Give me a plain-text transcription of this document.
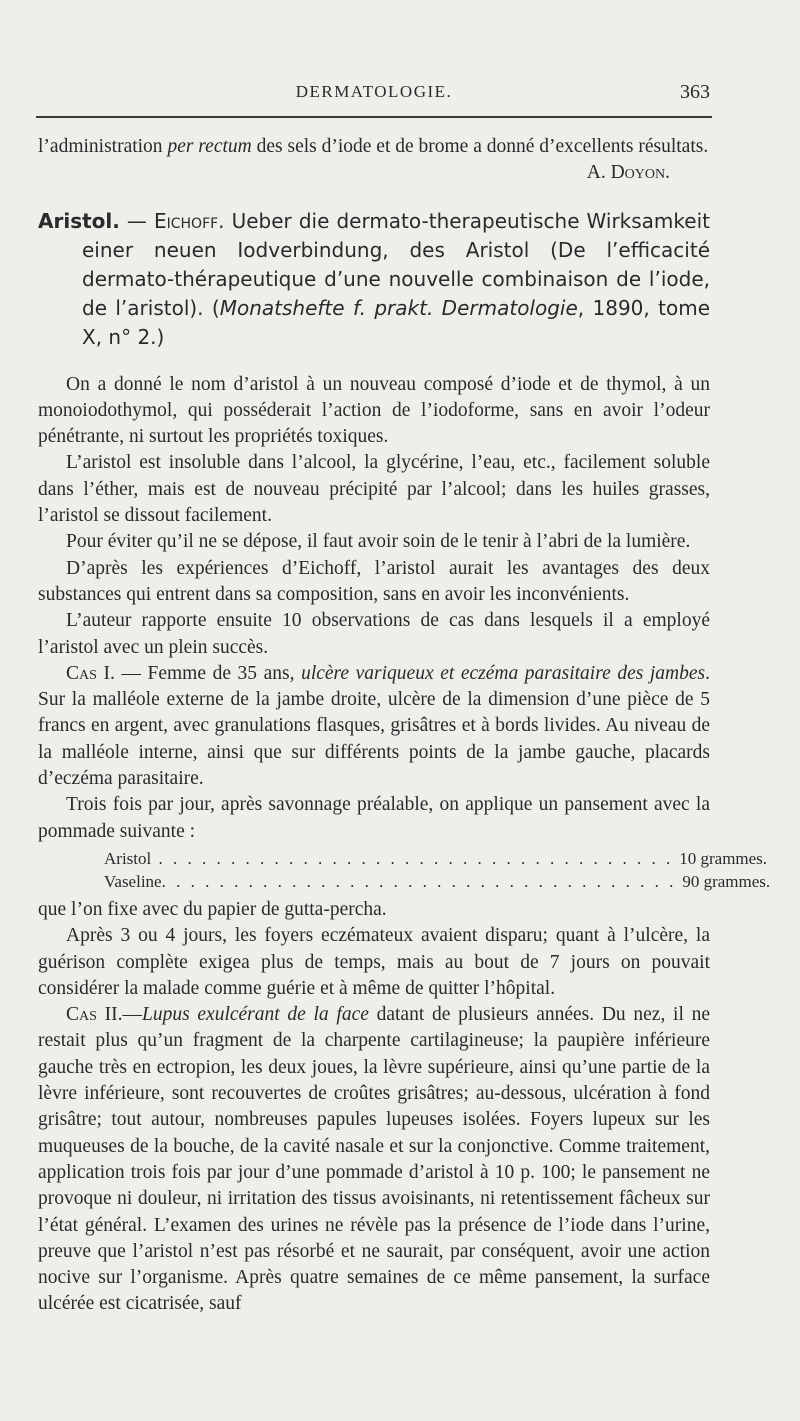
DERMATOLOGIE.	363

l’administration per rectum des sels d’iode et de brome a donné d’excellents résultats.

A. Doyon.
Aristol. — Eichoff. Ueber die dermato-therapeutische Wirksamkeit einer neuen Iodverbindung, des Aristol (De l’efficacité dermato-thérapeutique d’une nouvelle combinaison de l’iode, de l’aristol). (Monatshefte f. prakt. Dermatologie, 1890, tome X, n° 2.)

On a donné le nom d’aristol à un nouveau composé d’iode et de thymol, à un monoiodothymol, qui posséderait l’action de l’iodoforme, sans en avoir l’odeur pénétrante, ni surtout les propriétés toxiques.

L’aristol est insoluble dans l’alcool, la glycérine, l’eau, etc., facilement soluble dans l’éther, mais est de nouveau précipité par l’alcool; dans les huiles grasses, l’aristol se dissout facilement.

Pour éviter qu’il ne se dépose, il faut avoir soin de le tenir à l’abri de la lumière.

D’après les expériences d’Eichoff, l’aristol aurait les avantages des deux substances qui entrent dans sa composition, sans en avoir les inconvénients.

L’auteur rapporte ensuite 10 observations de cas dans lesquels il a employé l’aristol avec un plein succès.

Cas I. — Femme de 35 ans, ulcère variqueux et eczéma parasitaire des jambes. Sur la malléole externe de la jambe droite, ulcère de la dimension d’une pièce de 5 francs en argent, avec granulations flasques, grisâtres et à bords livides. Au niveau de la malléole interne, ainsi que sur différents points de la jambe gauche, placards d’eczéma parasitaire.

Trois fois par jour, après savonnage préalable, on applique un pansement avec la pommade suivante :

Aristol . . . . . . . . . . . . . . . . . . . . . . . . . . . . . . . . . . . . 10 grammes.
Vaseline . . . . . . . . . . . . . . . . . . . . . . . . . . . . . . . . . . . . 90 grammes.

que l’on fixe avec du papier de gutta-percha.

Après 3 ou 4 jours, les foyers eczémateux avaient disparu; quant à l’ulcère, la guérison complète exigea plus de temps, mais au bout de 7 jours on pouvait considérer la malade comme guérie et à même de quitter l’hôpital.

Cas II.—Lupus exulcérant de la face datant de plusieurs années. Du nez, il ne restait plus qu’un fragment de la charpente cartilagineuse; la paupière inférieure gauche très en ectropion, les deux joues, la lèvre supérieure, ainsi qu’une partie de la lèvre inférieure, sont recouvertes de croûtes grisâtres; au-dessous, ulcération à fond grisâtre; tout autour, nombreuses papules lupeuses isolées. Foyers lupeux sur les muqueuses de la bouche, de la cavité nasale et sur la conjonctive. Comme traitement, application trois fois par jour d’une pommade d’aristol à 10 p. 100; le pansement ne provoque ni douleur, ni irritation des tissus avoisinants, ni retentissement fâcheux sur l’état général. L’examen des urines ne révèle pas la présence de l’iode dans l’urine, preuve que l’aristol n’est pas résorbé et ne saurait, par conséquent, avoir une action nocive sur l’organisme. Après quatre semaines de ce même pansement, la surface ulcérée est cicatrisée, sauf
